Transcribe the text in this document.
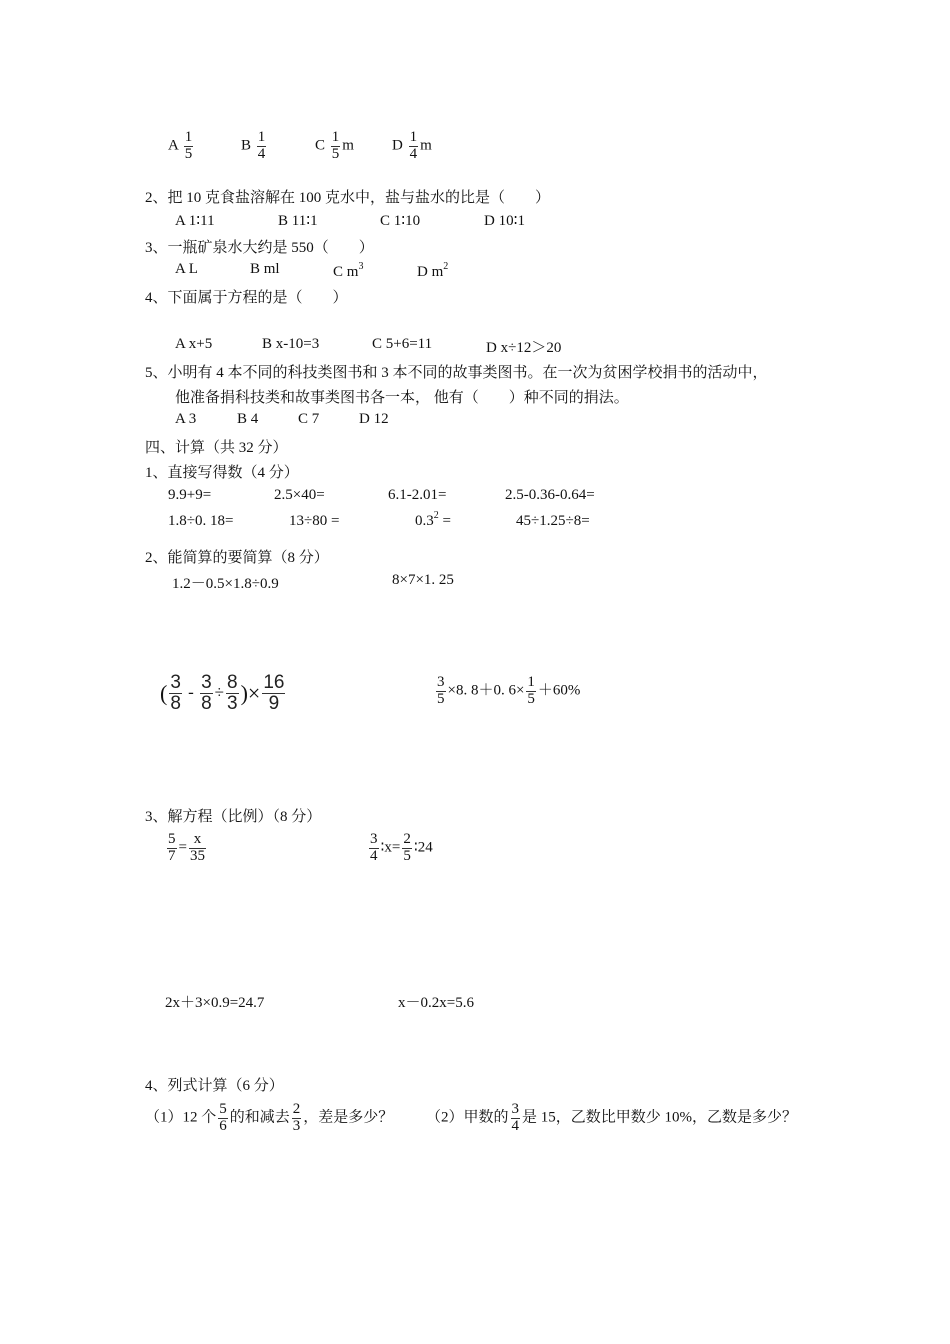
A $\frac{1}{5}$	B $\frac{1}{4}$	C $\frac{1}{5}$ m	D $\frac{1}{4}$ m
2、把 10 克食盐溶解在 100 克水中，盐与盐水的比是（　　）
A 1∶11	B 11∶1	C 1∶10	D 10∶1
3、一瓶矿泉水大约是 550（　　）
A L	B ml	C $m^3$	D $m^2$
4、下面属于方程的是（　　）
A x+5	B x-10=3	C 5+6=11	D x÷12＞20
5、小明有 4 本不同的科技类图书和 3 本不同的故事类图书。在一次为贫困学校捐书的活动中，
他准备捐科技类和故事类图书各一本， 他有（　　）种不同的捐法。
A 3	B 4	C 7	D 12
四、计算（共 32 分）
1、直接写得数（4 分）
9.9+9=	2.5×40=	6.1-2.01=	2.5-0.36-0.64=
1.8÷0. 18=	13÷80 =	$0.3^2$ =	45÷1.25÷8=
2、能简算的要简算（8 分）
1.2－0.5×1.8÷0.9	8×7×1. 25
( $\frac{3}{8} - \frac{3}{8} \div \frac{8}{3}$ )× $\frac{16}{9}$	$\frac{3}{5} \times 8$. 8＋0. $6\times \frac{1}{5} +60\%$
3、解方程（比例）（8 分）
$\frac{5}{7} = \frac{x}{35}$	$\frac{3}{4}$ ∶x= $\frac{2}{5}$ ∶24
2x＋3×0.9=24.7	x－0.2x=5.6
4、列式计算（6 分）
（1）12 个 $\frac{5}{6}$ 的和减去 $\frac{2}{3}$ ，差是多少？ （2）甲数的 $\frac{3}{4}$ 是 15，乙数比甲数少 10%，乙数是多少？
